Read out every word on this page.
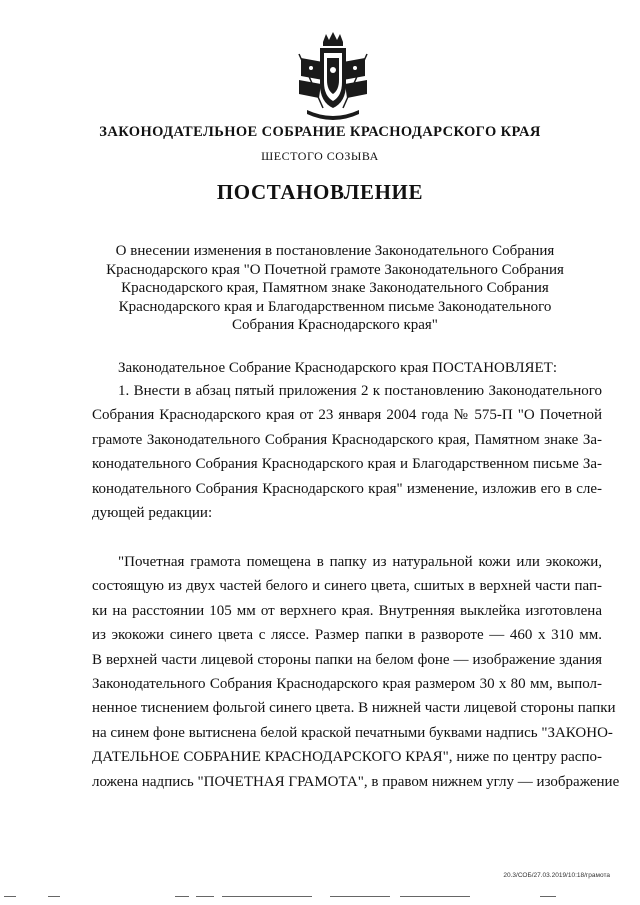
ЗАКОНОДАТЕЛЬНОЕ СОБРАНИЕ КРАСНОДАРСКОГО КРАЯ
ШЕСТОГО СОЗЫВА
ПОСТАНОВЛЕНИЕ
О внесении изменения в постановление Законодательного Собрания
Краснодарского края "О Почетной грамоте Законодательного Собрания
Краснодарского края, Памятном знаке Законодательного Собрания
Краснодарского края и Благодарственном письме Законодательного
Собрания Краснодарского края"
Законодательное Собрание Краснодарского края ПОСТАНОВЛЯЕТ:
1. Внести в абзац пятый приложения 2 к постановлению Законодательного
Собрания Краснодарского края от 23 января 2004 года № 575-П "О Почетной
грамоте Законодательного Собрания Краснодарского края, Памятном знаке За-
конодательного Собрания Краснодарского края и Благодарственном письме За-
конодательного Собрания Краснодарского края" изменение, изложив его в сле-
дующей редакции:
"Почетная грамота помещена в папку из натуральной кожи или экокожи,
состоящую из двух частей белого и синего цвета, сшитых в верхней части пап-
ки на расстоянии 105 мм от верхнего края. Внутренняя выклейка изготовлена
из экокожи синего цвета с ляссе. Размер папки в развороте — 460 x 310 мм.
В верхней части лицевой стороны папки на белом фоне — изображение здания
Законодательного Собрания Краснодарского края размером 30 x 80 мм, выпол-
ненное тиснением фольгой синего цвета. В нижней части лицевой стороны папки
на синем фоне вытиснена белой краской печатными буквами надпись "ЗАКОНО-
ДАТЕЛЬНОЕ СОБРАНИЕ КРАСНОДАРСКОГО КРАЯ", ниже по центру распо-
ложена надпись "ПОЧЕТНАЯ ГРАМОТА", в правом нижнем углу — изображение
20.3/СОБ/27.03.2019/10:18/грамота
